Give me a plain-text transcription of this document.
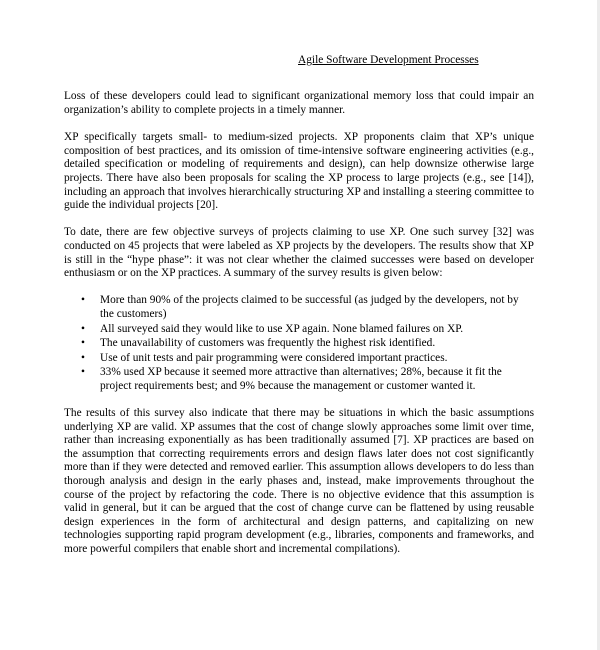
Agile Software Development Processes

Loss of these developers could lead to significant organizational memory loss that could impair an organization’s ability to complete projects in a timely manner.

XP specifically targets small- to medium-sized projects. XP proponents claim that XP’s unique composition of best practices, and its omission of time-intensive software engineering activities (e.g., detailed specification or modeling of requirements and design), can help downsize otherwise large projects. There have also been proposals for scaling the XP process to large projects (e.g., see [14]), including an approach that involves hierarchically structuring XP and installing a steering committee to guide the individual projects [20].

To date, there are few objective surveys of projects claiming to use XP. One such survey [32] was conducted on 45 projects that were labeled as XP projects by the developers. The results show that XP is still in the “hype phase”: it was not clear whether the claimed successes were based on developer enthusiasm or on the XP practices. A summary of the survey results is given below:

• More than 90% of the projects claimed to be successful (as judged by the developers, not by the customers)
• All surveyed said they would like to use XP again. None blamed failures on XP.
• The unavailability of customers was frequently the highest risk identified.
• Use of unit tests and pair programming were considered important practices.
• 33% used XP because it seemed more attractive than alternatives; 28%, because it fit the project requirements best; and 9% because the management or customer wanted it.

The results of this survey also indicate that there may be situations in which the basic assumptions underlying XP are valid. XP assumes that the cost of change slowly approaches some limit over time, rather than increasing exponentially as has been traditionally assumed [7]. XP practices are based on the assumption that correcting requirements errors and design flaws later does not cost significantly more than if they were detected and removed earlier. This assumption allows developers to do less than thorough analysis and design in the early phases and, instead, make improvements throughout the course of the project by refactoring the code. There is no objective evidence that this assumption is valid in general, but it can be argued that the cost of change curve can be flattened by using reusable design experiences in the form of architectural and design patterns, and capitalizing on new technologies supporting rapid program development (e.g., libraries, components and frameworks, and more powerful compilers that enable short and incremental compilations).
